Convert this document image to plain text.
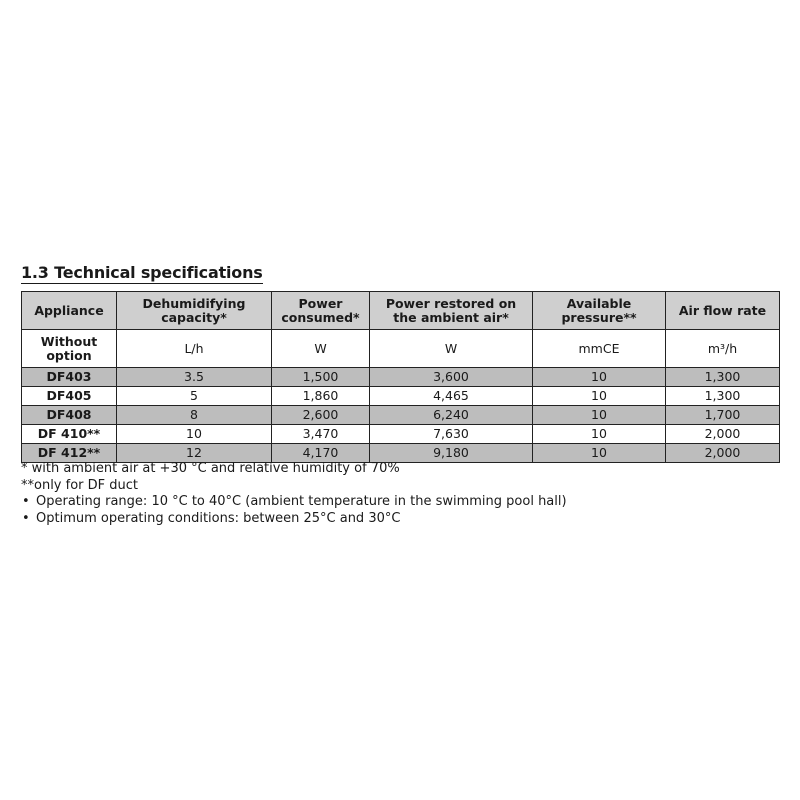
1.3 Technical specifications
Appliance	Dehumidifying capacity*	Power consumed*	Power restored on the ambient air*	Available pressure**	Air flow rate
Without option	L/h	W	W	mmCE	m³/h
DF403	3.5	1,500	3,600	10	1,300
DF405	5	1,860	4,465	10	1,300
DF408	8	2,600	6,240	10	1,700
DF 410**	10	3,470	7,630	10	2,000
DF 412**	12	4,170	9,180	10	2,000

* with ambient air at +30 °C and relative humidity of 70%

**only for DF duct

• Operating range: 10 °C to 40°C (ambient temperature in the swimming pool hall)
• Optimum operating conditions: between 25°C and 30°C
